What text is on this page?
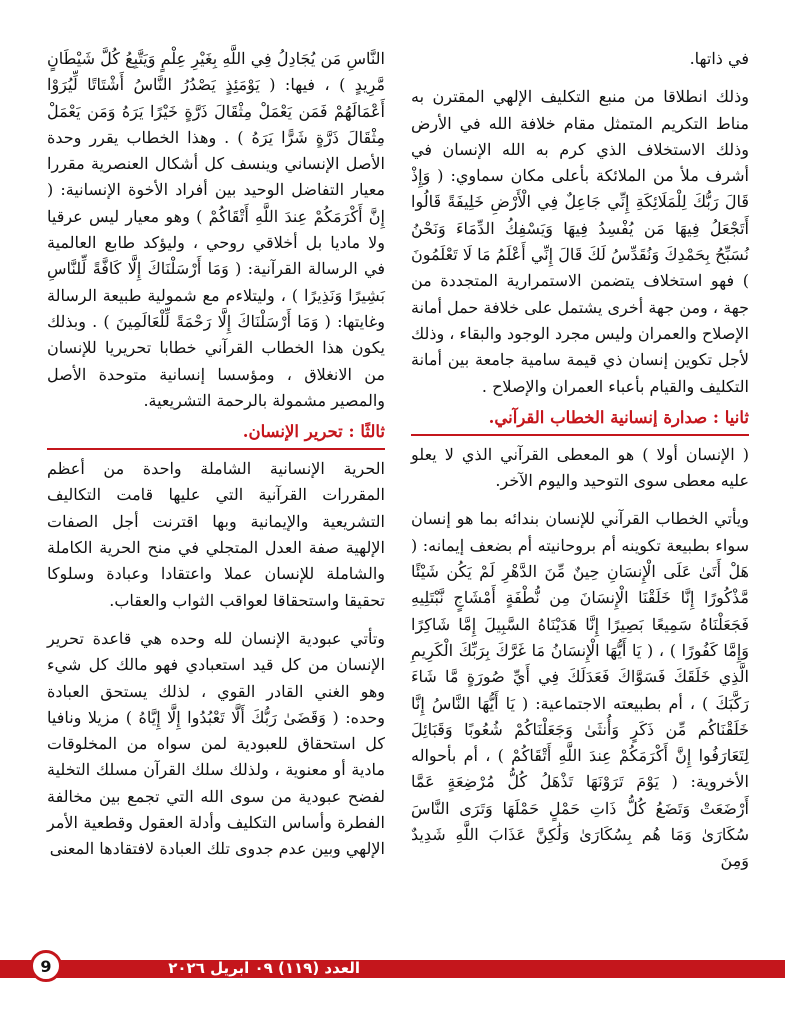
في ذاتها.

وذلك انطلاقا من منبع التكليف الإلهي المقترن به مناط التكريم المتمثل مقام خلافة الله في الأرض وذلك الاستخلاف الذي كرم به الله الإنسان في أشرف ملأ من الملائكة بأعلى مكان سماوي: ( وَإِذْ قَالَ رَبُّكَ لِلْمَلَائِكَةِ إِنِّي جَاعِلٌ فِي الْأَرْضِ خَلِيفَةً قَالُوا أَتَجْعَلُ فِيهَا مَن يُفْسِدُ فِيهَا وَيَسْفِكُ الدِّمَاءَ وَنَحْنُ نُسَبِّحُ بِحَمْدِكَ وَنُقَدِّسُ لَكَ قَالَ إِنِّي أَعْلَمُ مَا لَا تَعْلَمُونَ ) فهو استخلاف يتضمن الاستمرارية المتجددة من جهة ، ومن جهة أخرى يشتمل على خلافة حمل أمانة الإصلاح والعمران وليس مجرد الوجود والبقاء ، وذلك لأجل تكوين إنسان ذي قيمة سامية جامعة بين أمانة التكليف والقيام بأعباء العمران والإصلاح .

ثانيا : صدارة إنسانية الخطاب القرآني.

( الإنسان أولا ) هو المعطى القرآني الذي لا يعلو عليه معطى سوى التوحيد واليوم الآخر.

ويأتي الخطاب القرآني للإنسان بندائه بما هو إنسان سواء بطبيعة تكوينه أم بروحانيته أم بضعف إيمانه: ( هَلْ أَتَىٰ عَلَى الْإِنسَانِ حِينٌ مِّنَ الدَّهْرِ لَمْ يَكُن شَيْئًا مَّذْكُورًا إِنَّا خَلَقْنَا الْإِنسَانَ مِن نُّطْفَةٍ أَمْشَاجٍ نَّبْتَلِيهِ فَجَعَلْنَاهُ سَمِيعًا بَصِيرًا إِنَّا هَدَيْنَاهُ السَّبِيلَ إِمَّا شَاكِرًا وَإِمَّا كَفُورًا ) ، ( يَا أَيُّهَا الْإِنسَانُ مَا غَرَّكَ بِرَبِّكَ الْكَرِيمِ الَّذِي خَلَقَكَ فَسَوَّاكَ فَعَدَلَكَ فِي أَيِّ صُورَةٍ مَّا شَاءَ رَكَّبَكَ ) ، أم بطبيعته الاجتماعية: ( يَا أَيُّهَا النَّاسُ إِنَّا خَلَقْنَاكُم مِّن ذَكَرٍ وَأُنثَىٰ وَجَعَلْنَاكُمْ شُعُوبًا وَقَبَائِلَ لِتَعَارَفُوا إِنَّ أَكْرَمَكُمْ عِندَ اللَّهِ أَتْقَاكُمْ ) ، أم بأحواله الأخروية: ( يَوْمَ تَرَوْنَهَا تَذْهَلُ كُلُّ مُرْضِعَةٍ عَمَّا أَرْضَعَتْ وَتَضَعُ كُلُّ ذَاتِ حَمْلٍ حَمْلَهَا وَتَرَى النَّاسَ سُكَارَىٰ وَمَا هُم بِسُكَارَىٰ وَلَٰكِنَّ عَذَابَ اللَّهِ شَدِيدٌ وَمِنَ

النَّاسِ مَن يُجَادِلُ فِي اللَّهِ بِغَيْرِ عِلْمٍ وَيَتَّبِعُ كُلَّ شَيْطَانٍ مَّرِيدٍ ) ، فيها: ( يَوْمَئِذٍ يَصْدُرُ النَّاسُ أَشْتَاتًا لِّيُرَوْا أَعْمَالَهُمْ فَمَن يَعْمَلْ مِثْقَالَ ذَرَّةٍ خَيْرًا يَرَهُ وَمَن يَعْمَلْ مِثْقَالَ ذَرَّةٍ شَرًّا يَرَهُ ) . وهذا الخطاب يقرر وحدة الأصل الإنساني وينسف كل أشكال العنصرية مقررا معيار التفاضل الوحيد بين أفراد الأخوة الإنسانية: ( إِنَّ أَكْرَمَكُمْ عِندَ اللَّهِ أَتْقَاكُمْ ) وهو معيار ليس عرقيا ولا ماديا بل أخلاقي روحي ، وليؤكد طابع العالمية في الرسالة القرآنية: ( وَمَا أَرْسَلْنَاكَ إِلَّا كَافَّةً لِّلنَّاسِ بَشِيرًا وَنَذِيرًا ) ، وليتلاءم مع شمولية طبيعة الرسالة وغايتها: ( وَمَا أَرْسَلْنَاكَ إِلَّا رَحْمَةً لِّلْعَالَمِينَ ) . وبذلك يكون هذا الخطاب القرآني خطابا تحريريا للإنسان من الانغلاق ، ومؤسسا إنسانية متوحدة الأصل والمصير مشمولة بالرحمة التشريعية.

ثالثًا : تحرير الإنسان.

الحرية الإنسانية الشاملة واحدة من أعظم المقررات القرآنية التي عليها قامت التكاليف التشريعية والإيمانية وبها اقترنت أجل الصفات الإلهية صفة العدل المتجلي في منح الحرية الكاملة والشاملة للإنسان عملا واعتقادا وعبادة وسلوكا تحقيقا واستحقاقا لعواقب الثواب والعقاب.

وتأتي عبودية الإنسان لله وحده هي قاعدة تحرير الإنسان من كل قيد استعبادي فهو مالك كل شيء وهو الغني القادر القوي ، لذلك يستحق العبادة وحده: ( وَقَضَىٰ رَبُّكَ أَلَّا تَعْبُدُوا إِلَّا إِيَّاهُ ) مزيلا ونافيا كل استحقاق للعبودية لمن سواه من المخلوقات مادية أو معنوية ، ولذلك سلك القرآن مسلك التخلية لفضح عبودية من سوى الله التي تجمع بين مخالفة الفطرة وأساس التكليف وأدلة العقول وقطعية الأمر الإلهي وبين عدم جدوى تلك العبادة لافتقادها المعنى

9	العدد (١١٩) ٠٩ ابريل ٢٠٢٦
